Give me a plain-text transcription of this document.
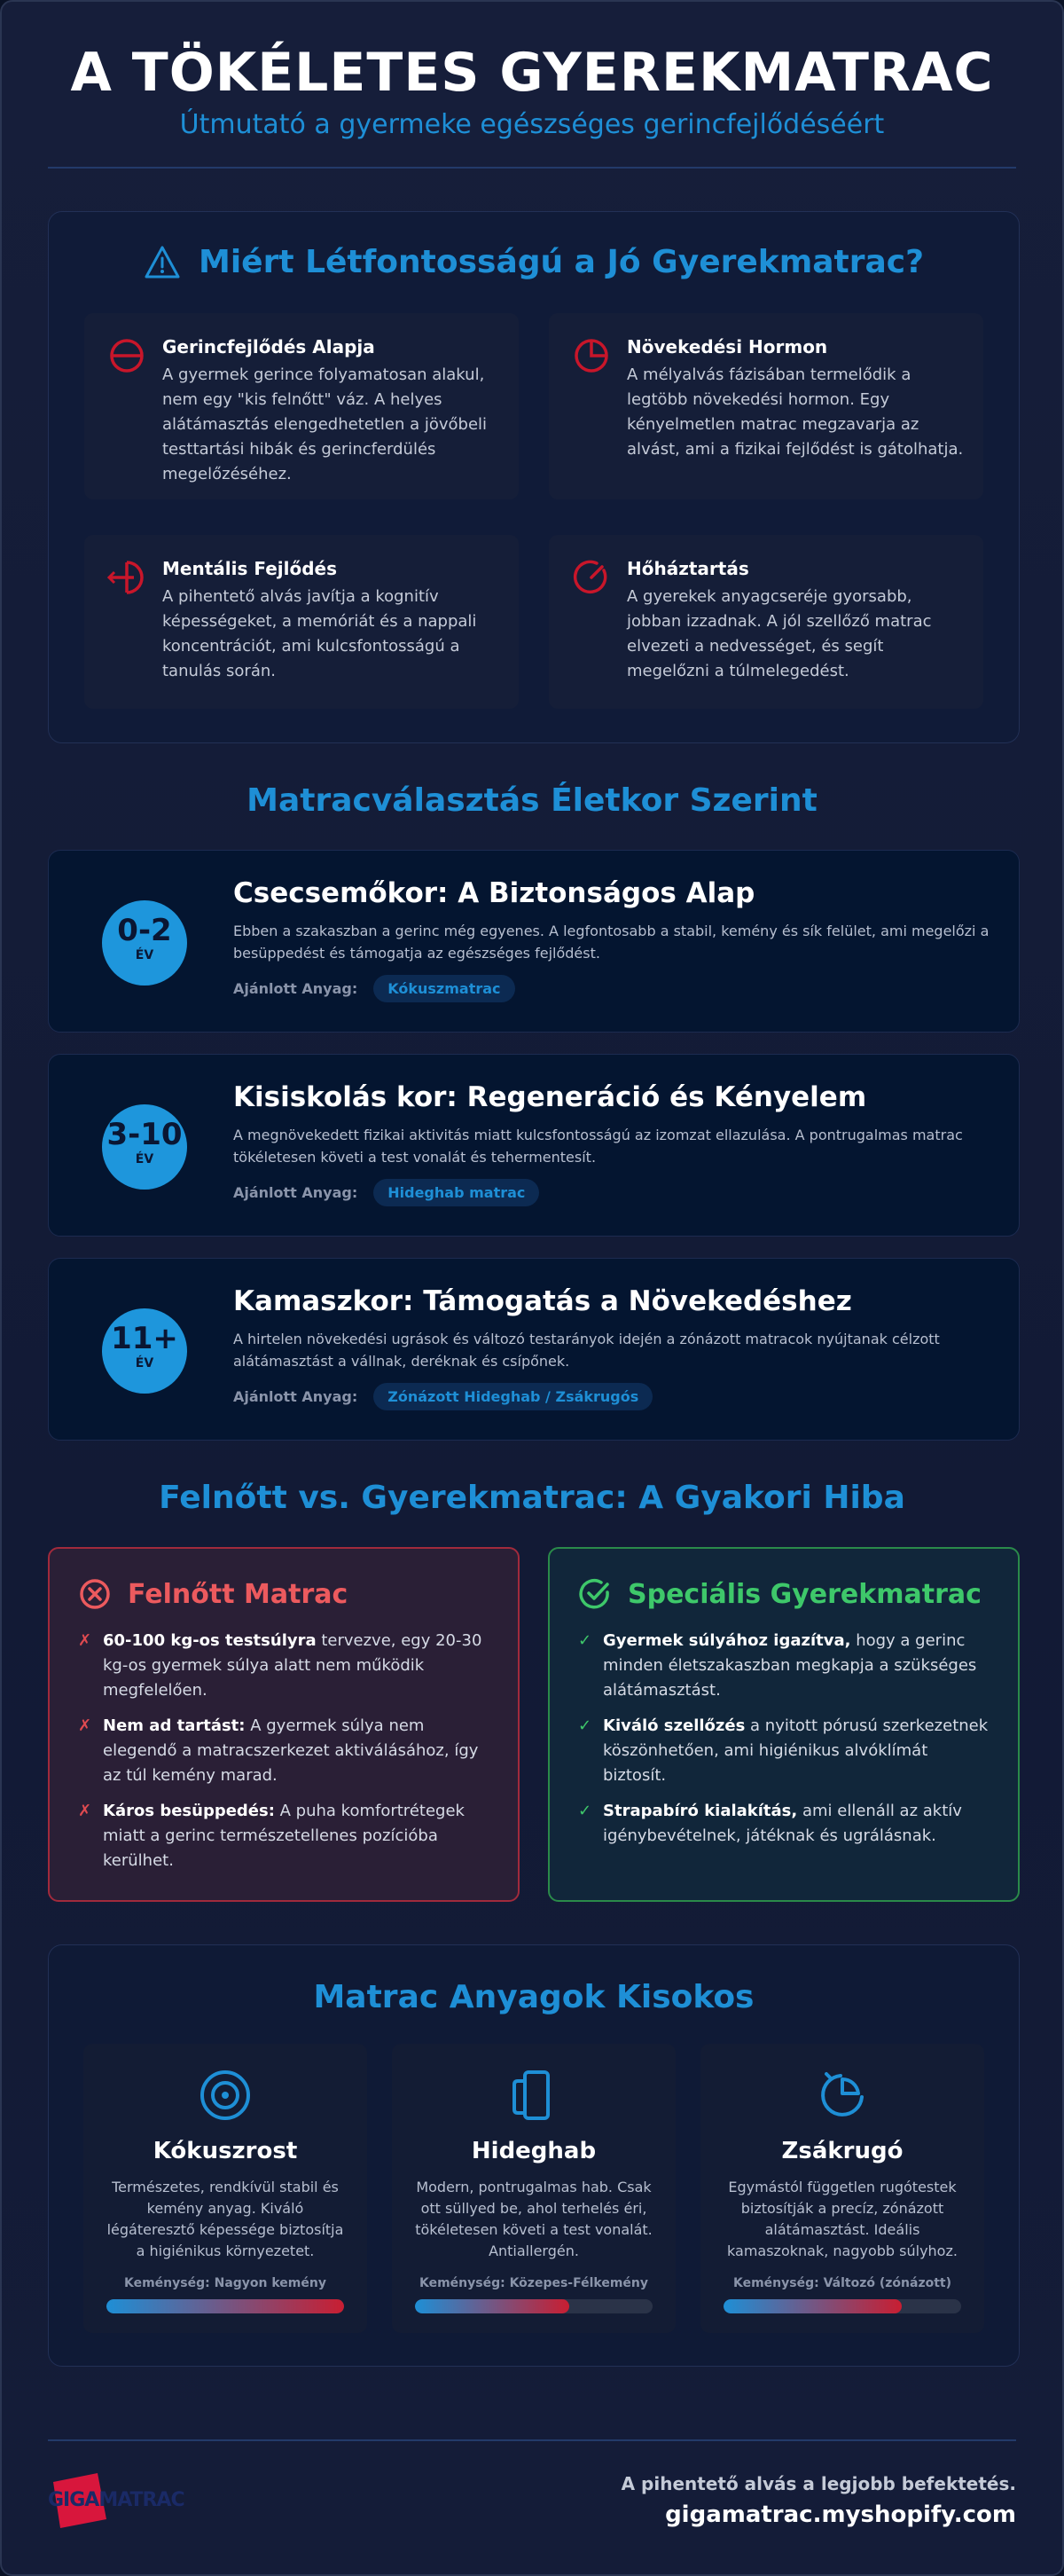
A TÖKÉLETES GYEREKMATRAC
Útmutató a gyermeke egészséges gerincfejlődéséért
Miért Létfontosságú a Jó Gyerekmatrac?
Gerincfejlődés Alapja
A gyermek gerince folyamatosan alakul, nem egy "kis felnőtt" váz. A helyes alátámasztás elengedhetetlen a jövőbeli testtartási hibák és gerincferdülés megelőzéséhez.
Növekedési Hormon
A mélyalvás fázisában termelődik a legtöbb növekedési hormon. Egy kényelmetlen matrac megzavarja az alvást, ami a fizikai fejlődést is gátolhatja.
Mentális Fejlődés
A pihentető alvás javítja a kognitív képességeket, a memóriát és a nappali koncentrációt, ami kulcsfontosságú a tanulás során.
Hőháztartás
A gyerekek anyagcseréje gyorsabb, jobban izzadnak. A jól szellőző matrac elvezeti a nedvességet, és segít megelőzni a túlmelegedést.
Matracválasztás Életkor Szerint
0-2
ÉV
Csecsemőkor: A Biztonságos Alap
Ebben a szakaszban a gerinc még egyenes. A legfontosabb a stabil, kemény és sík felület, ami megelőzi a besüppedést és támogatja az egészséges fejlődést.
Ajánlott Anyag:	Kókuszmatrac
3-10
ÉV
Kisiskolás kor: Regeneráció és Kényelem
A megnövekedett fizikai aktivitás miatt kulcsfontosságú az izomzat ellazulása. A pontrugalmas matrac tökéletesen követi a test vonalát és tehermentesít.
Ajánlott Anyag:	Hideghab matrac
11+
ÉV
Kamaszkor: Támogatás a Növekedéshez
A hirtelen növekedési ugrások és változó testarányok idején a zónázott matracok nyújtanak célzott alátámasztást a vállnak, deréknak és csípőnek.
Ajánlott Anyag:	Zónázott Hideghab / Zsákrugós
Felnőtt vs. Gyerekmatrac: A Gyakori Hiba
Felnőtt Matrac
✗ 60-100 kg-os testsúlyra tervezve, egy 20-30 kg-os gyermek súlya alatt nem működik megfelelően.
✗ Nem ad tartást: A gyermek súlya nem elegendő a matracszerkezet aktiválásához, így az túl kemény marad.
✗ Káros besüppedés: A puha komfortrétegek miatt a gerinc természetellenes pozícióba kerülhet.
Speciális Gyerekmatrac
✓ Gyermek súlyához igazítva, hogy a gerinc minden életszakaszban megkapja a szükséges alátámasztást.
✓ Kiváló szellőzés a nyitott pórusú szerkezetnek köszönhetően, ami higiénikus alvóklímát biztosít.
✓ Strapabíró kialakítás, ami ellenáll az aktív igénybevételnek, játéknak és ugrálásnak.
Matrac Anyagok Kisokos
Kókuszrost
Természetes, rendkívül stabil és kemény anyag. Kiváló légáteresztő képessége biztosítja a higiénikus környezetet.
Keménység: Nagyon kemény
Hideghab
Modern, pontrugalmas hab. Csak ott süllyed be, ahol terhelés éri, tökéletesen követi a test vonalát. Antiallergén.
Keménység: Közepes-Félkemény
Zsákrugó
Egymástól független rugótestek biztosítják a precíz, zónázott alátámasztást. Ideális kamaszoknak, nagyobb súlyhoz.
Keménység: Változó (zónázott)
GIGAMATRAC
A pihentető alvás a legjobb befektetés.
gigamatrac.myshopify.com
